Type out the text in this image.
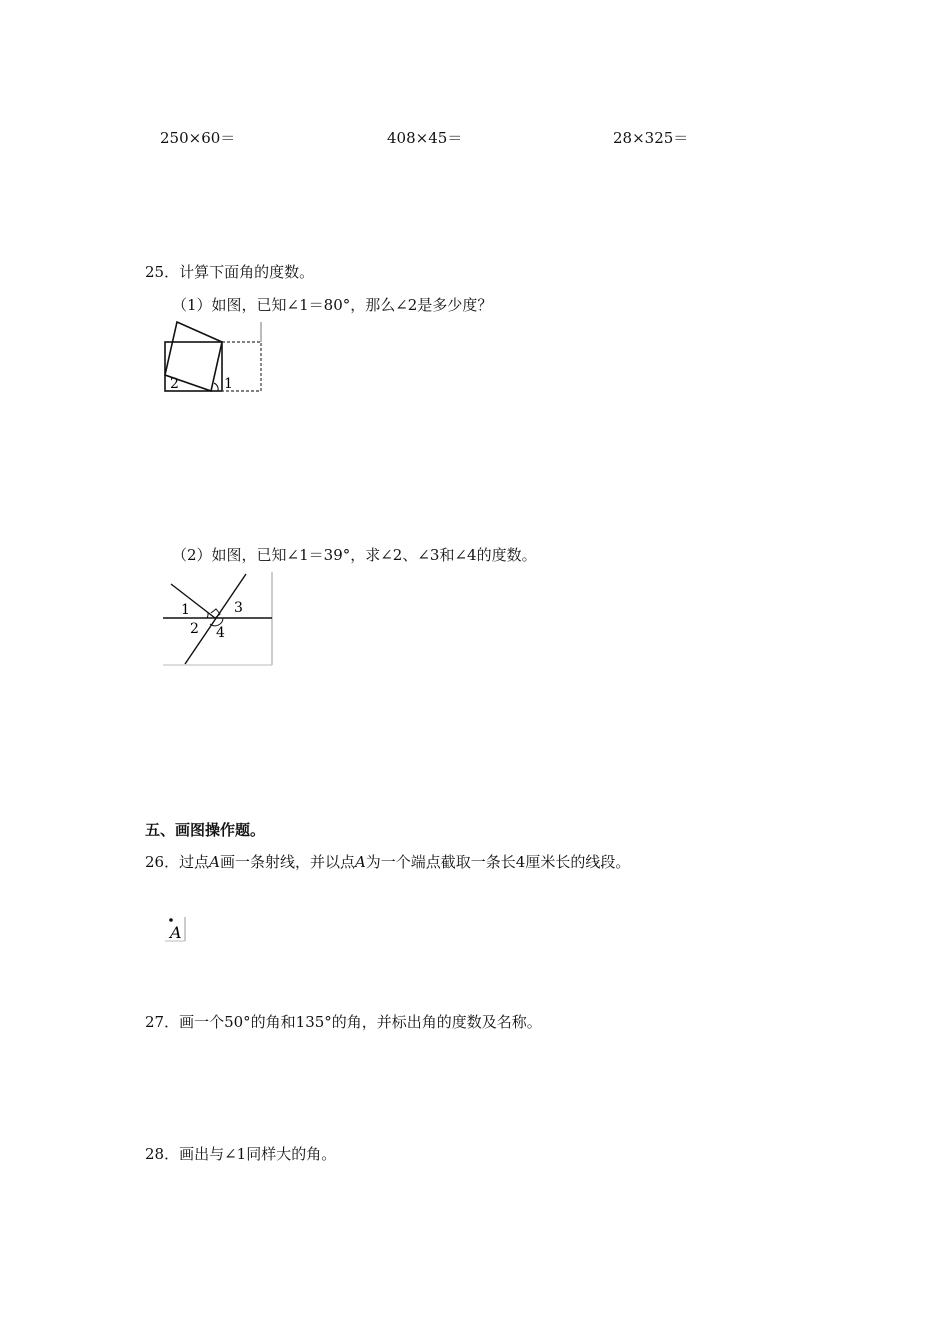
250×60＝	408×45＝	28×325＝
25．计算下面角的度数。
（1）如图，已知∠1＝80°，那么∠2是多少度？
2	1
（2）如图，已知∠1＝39°，求∠2、∠3和∠4的度数。
1
2
3
4
五、画图操作题。
26．过点A画一条射线，并以点A为一个端点截取一条长4厘米长的线段。
A
27．画一个50°的角和135°的角，并标出角的度数及名称。
28．画出与∠1同样大的角。
